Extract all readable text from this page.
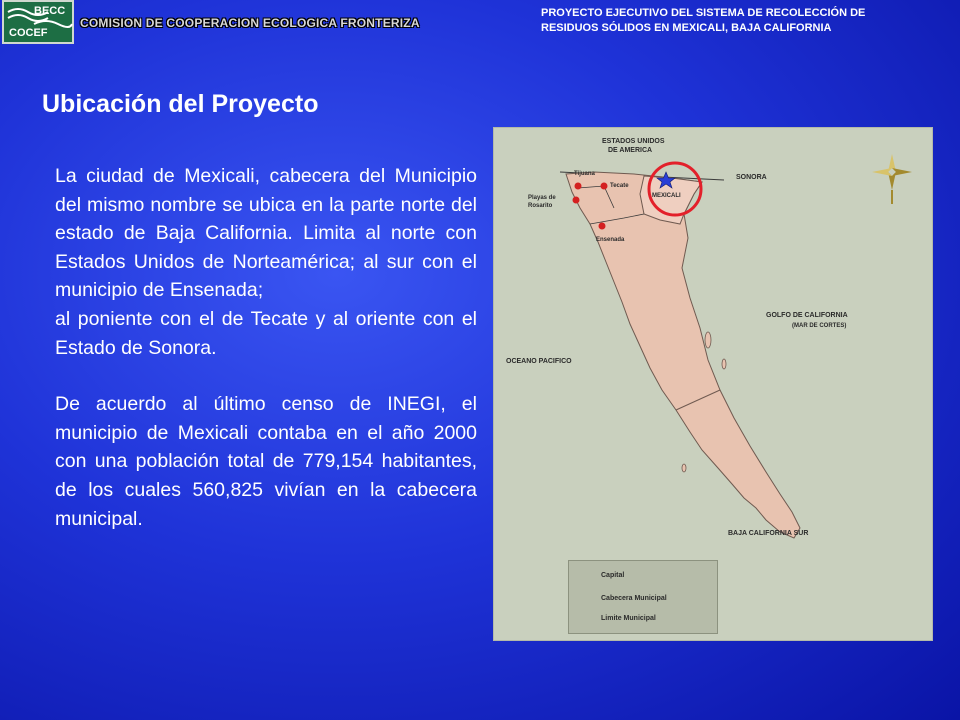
BECC
COCEF
COMISION DE COOPERACION ECOLOGICA FRONTERIZA
PROYECTO EJECUTIVO DEL SISTEMA DE RECOLECCIÓN DE
RESIDUOS SÓLIDOS EN MEXICALI, BAJA CALIFORNIA
Ubicación del Proyecto

La ciudad de Mexicali, cabecera del Municipio del mismo nombre se ubica en la parte norte del estado de Baja California. Limita al norte con Estados Unidos de Norteamérica; al sur con el municipio de Ensenada;

al poniente con el de Tecate y al oriente con el Estado de Sonora.

De acuerdo al último censo de INEGI, el municipio de Mexicali contaba en el año 2000 con una población total de 779,154 habitantes, de los cuales 560,825 vivían en la cabecera municipal.

ESTADOS UNIDOS
DE AMERICA
SONORA
Tijuana
Tecate
MEXICALI
Playas de
Rosarito
Ensenada
GOLFO DE CALIFORNIA
(MAR DE CORTES)
OCEANO PACIFICO
BAJA CALIFORNIA SUR
Capital
Cabecera Municipal
Limite Municipal
